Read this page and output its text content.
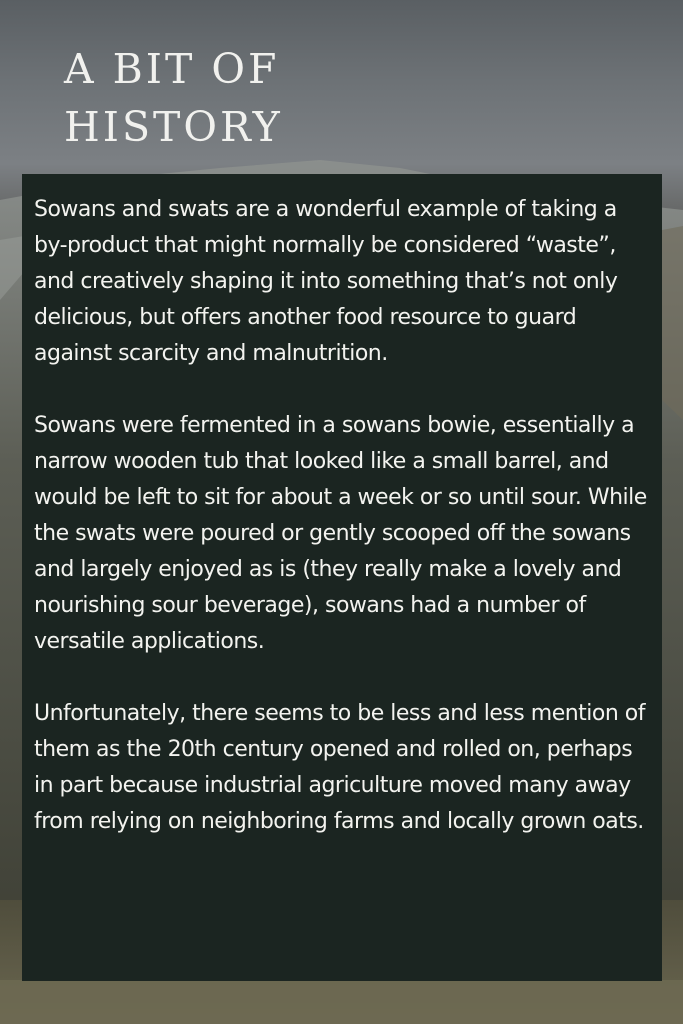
A BIT OF
HISTORY

Sowans and swats are a wonderful example of taking a by-product that might normally be considered “waste”, and creatively shaping it into something that’s not only delicious, but offers another food resource to guard against scarcity and malnutrition.

Sowans were fermented in a sowans bowie, essentially a narrow wooden tub that looked like a small barrel, and would be left to sit for about a week or so until sour. While the swats were poured or gently scooped off the sowans and largely enjoyed as is (they really make a lovely and nourishing sour beverage), sowans had a number of versatile applications.

Unfortunately, there seems to be less and less mention of them as the 20th century opened and rolled on, perhaps in part because industrial agriculture moved many away from relying on neighboring farms and locally grown oats.
